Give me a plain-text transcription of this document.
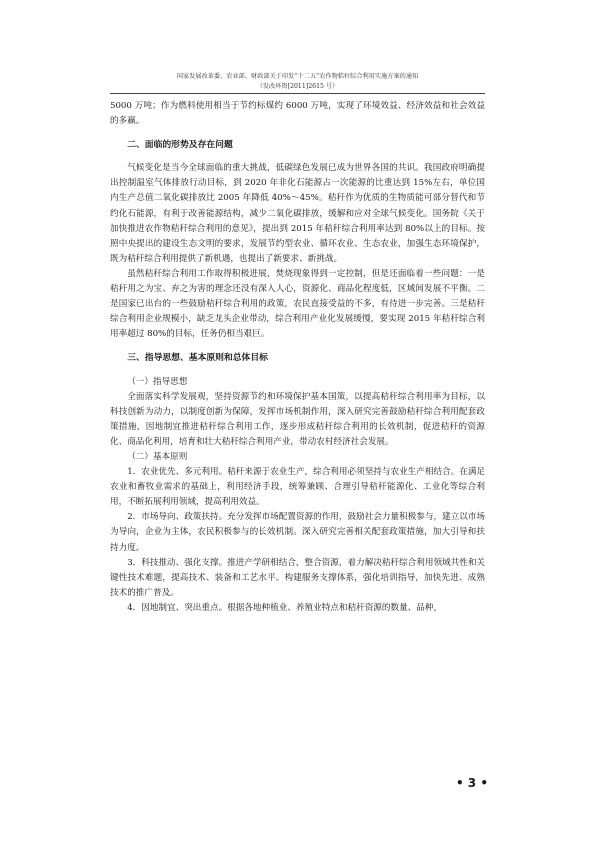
国家发展改革委、农业部、财政部关于印发“十二五”农作物秸秆综合利用实施方案的通知
（发改环资[2011]2615 号）

5000 万吨；作为燃料使用相当于节约标煤约 6000 万吨，实现了环境效益、经济效益和社会效益的多赢。

二、面临的形势及存在问题

气候变化是当今全球面临的重大挑战，低碳绿色发展已成为世界各国的共识。我国政府明确提出控制温室气体排放行动目标，到 2020 年非化石能源占一次能源的比重达到 15%左右，单位国内生产总值二氧化碳排放比 2005 年降低 40%～45%。秸秆作为优质的生物质能可部分替代和节约化石能源，有利于改善能源结构，减少二氧化碳排放，缓解和应对全球气候变化。国务院《关于加快推进农作物秸秆综合利用的意见》，提出到 2015 年秸秆综合利用率达到 80%以上的目标。按照中央提出的建设生态文明的要求，发展节约型农业、循环农业、生态农业，加强生态环境保护，既为秸秆综合利用提供了新机遇，也提出了新要求、新挑战。

虽然秸秆综合利用工作取得积极进展，焚烧现象得到一定控制，但是还面临着一些问题：一是秸秆用之为宝、弃之为害的理念还没有深入人心，资源化、商品化程度低，区域间发展不平衡。二是国家已出台的一些鼓励秸秆综合利用的政策，农民直接受益的不多，有待进一步完善。三是秸秆综合利用企业规模小，缺乏龙头企业带动，综合利用产业化发展缓慢，要实现 2015 年秸秆综合利用率超过 80%的目标，任务仍相当艰巨。

三、指导思想、基本原则和总体目标

（一）指导思想

全面落实科学发展观，坚持资源节约和环境保护基本国策，以提高秸秆综合利用率为目标，以科技创新为动力，以制度创新为保障，发挥市场机制作用，深入研究完善鼓励秸秆综合利用配套政策措施，因地制宜推进秸秆综合利用工作，逐步形成秸秆综合利用的长效机制，促进秸秆的资源化、商品化利用，培育和壮大秸秆综合利用产业，带动农村经济社会发展。

（二）基本原则

1．农业优先、多元利用。秸秆来源于农业生产，综合利用必须坚持与农业生产相结合。在满足农业和畜牧业需求的基础上，利用经济手段，统筹兼顾、合理引导秸秆能源化、工业化等综合利用，不断拓展利用领域，提高利用效益。

2．市场导向、政策扶持。充分发挥市场配置资源的作用，鼓励社会力量积极参与，建立以市场为导向，企业为主体，农民积极参与的长效机制。深入研究完善相关配套政策措施，加大引导和扶持力度。

3．科技推动、强化支撑。推进产学研相结合，整合资源，着力解决秸秆综合利用领域共性和关键性技术难题，提高技术、装备和工艺水平。构建服务支撑体系，强化培训指导，加快先进、成熟技术的推广普及。

4．因地制宜、突出重点。根据各地种植业、养殖业特点和秸秆资源的数量、品种，

• 3 •
